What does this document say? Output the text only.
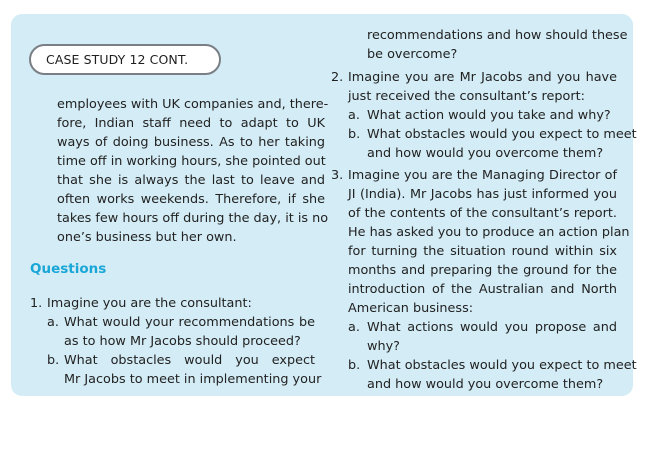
CASE STUDY 12 CONT.
employees with UK companies and, there-
fore, Indian staff need to adapt to UK
ways of doing business. As to her taking
time off in working hours, she pointed out
that she is always the last to leave and
often works weekends. Therefore, if she
takes few hours off during the day, it is no
one’s business but her own.
Questions
1. Imagine you are the consultant:
a. What would your recommendations be
as to how Mr Jacobs should proceed?
b. What obstacles would you expect
Mr Jacobs to meet in implementing your
recommendations and how should these
be overcome?
2. Imagine you are Mr Jacobs and you have
just received the consultant’s report:
a. What action would you take and why?
b. What obstacles would you expect to meet
and how would you overcome them?
3. Imagine you are the Managing Director of
JI (India). Mr Jacobs has just informed you
of the contents of the consultant’s report.
He has asked you to produce an action plan
for turning the situation round within six
months and preparing the ground for the
introduction of the Australian and North
American business:
a. What actions would you propose and
why?
b. What obstacles would you expect to meet
and how would you overcome them?
